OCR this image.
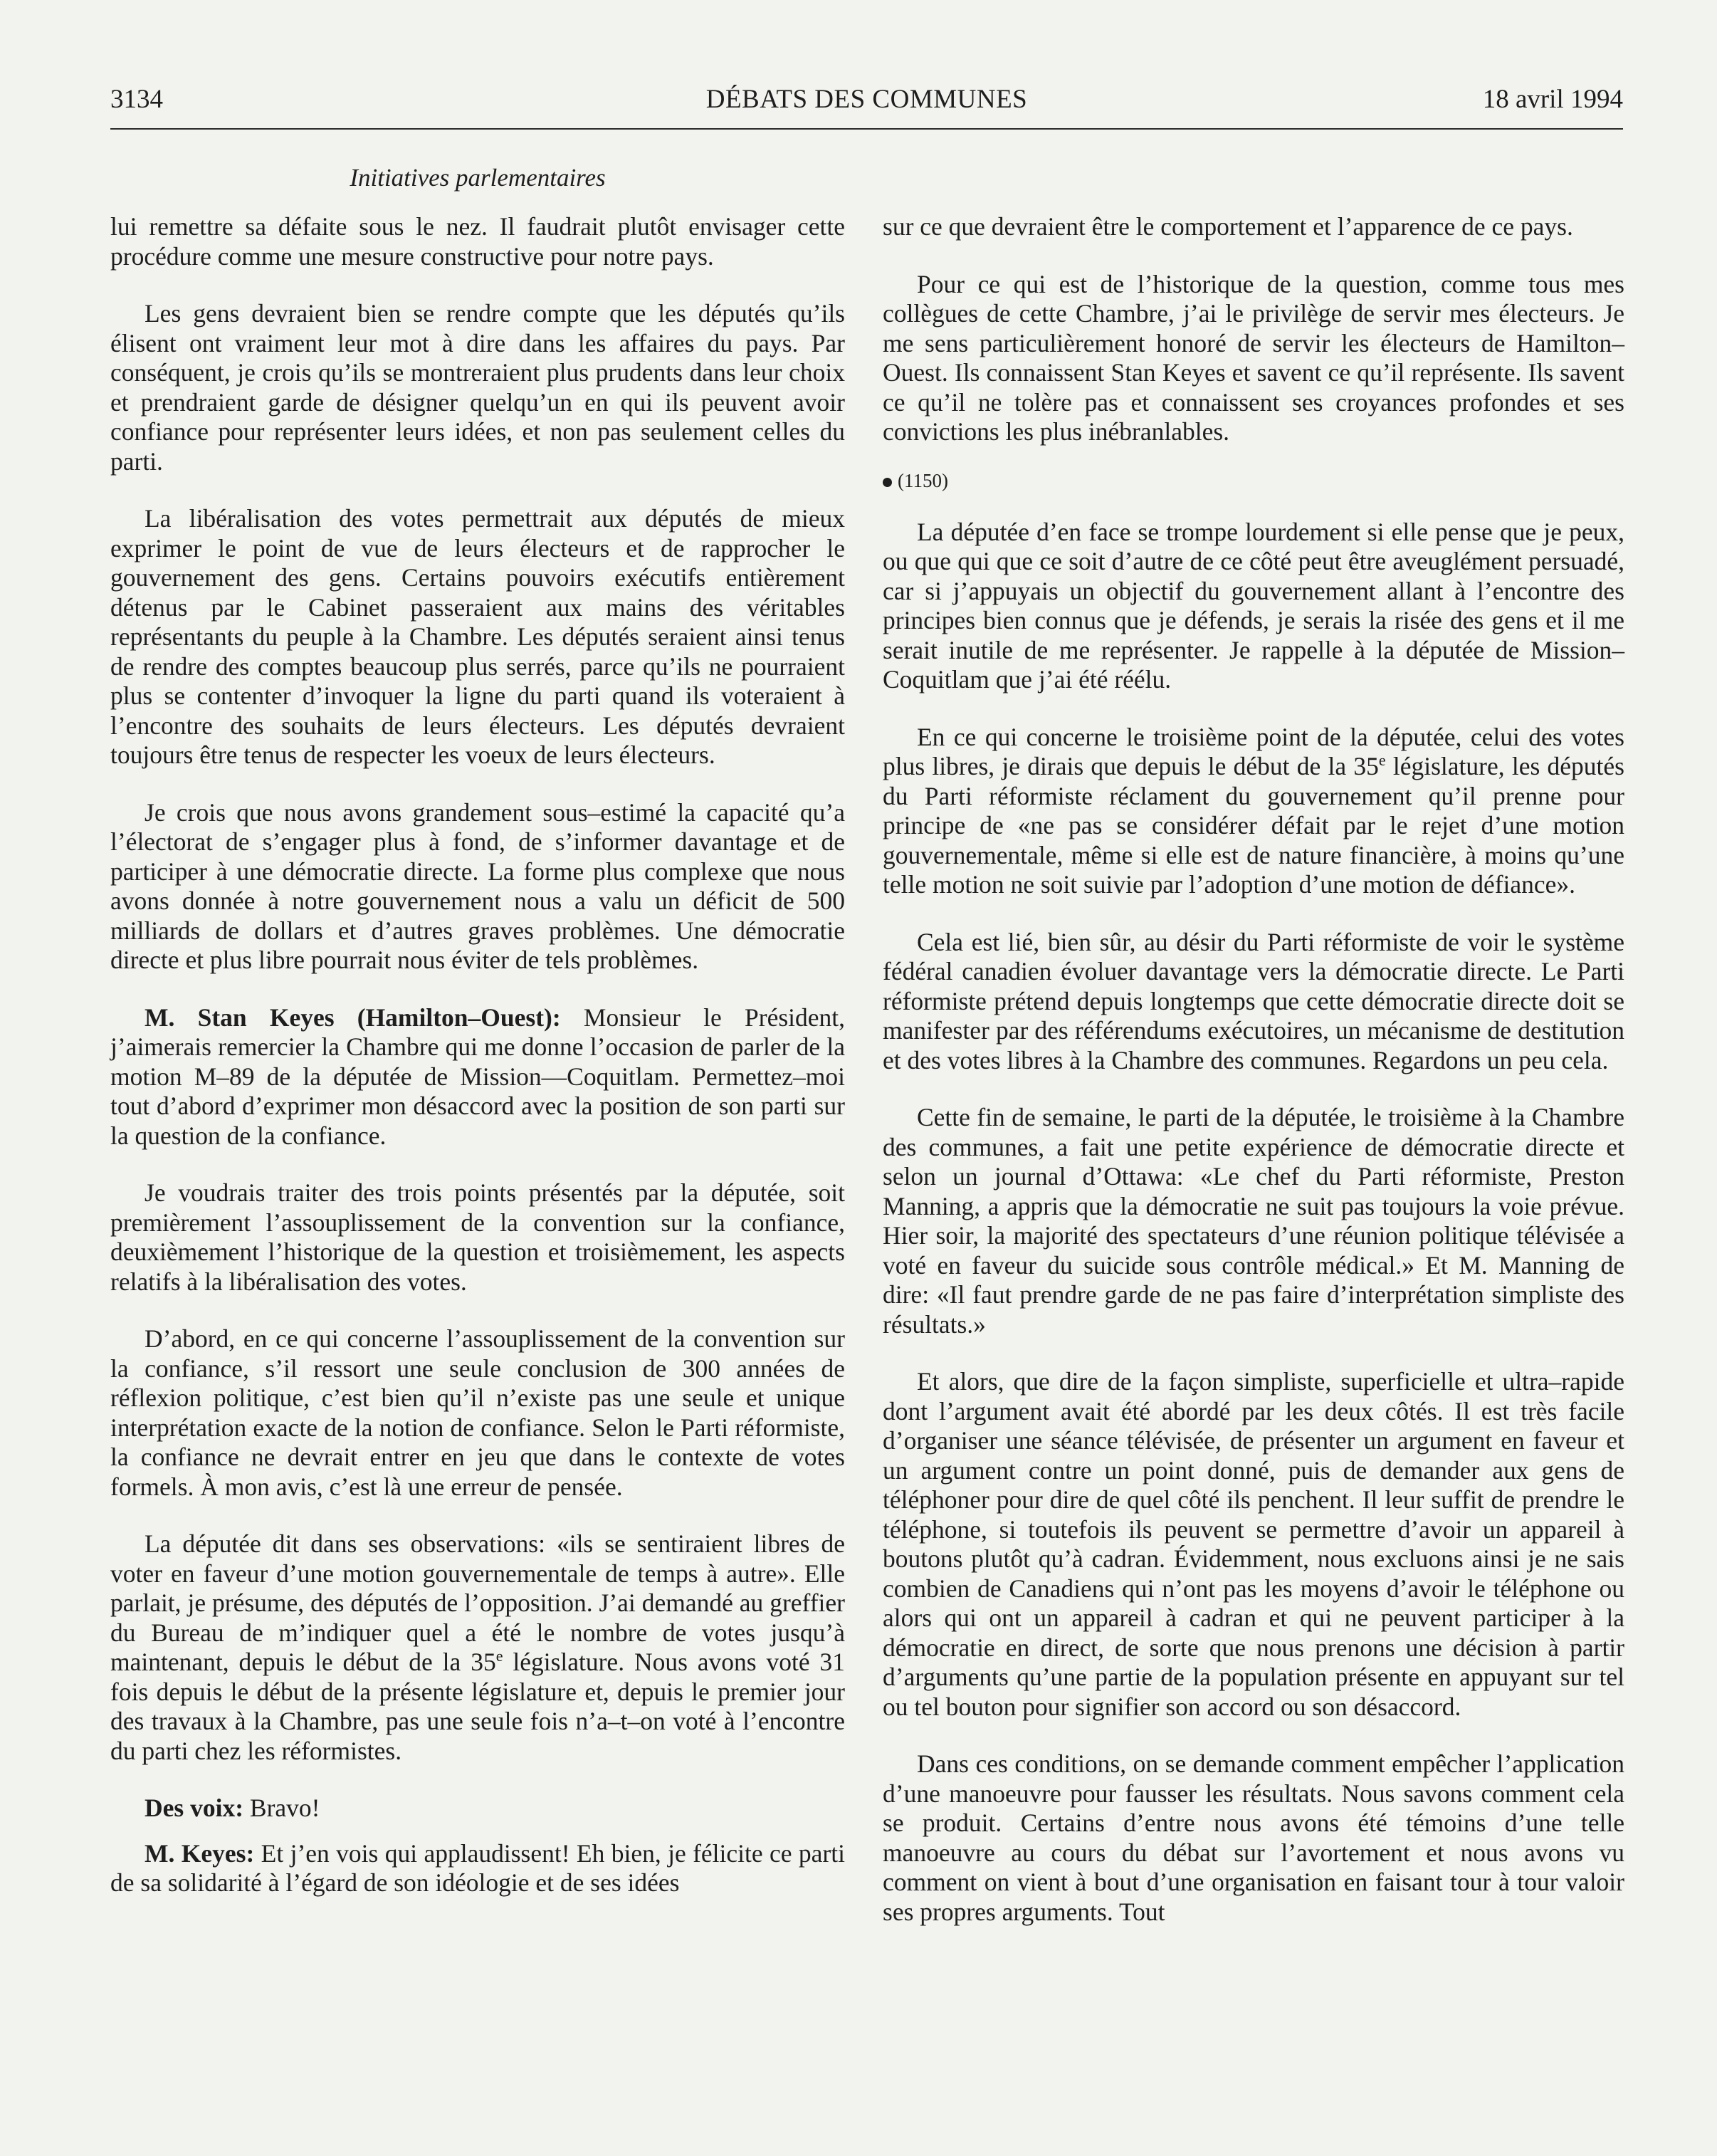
3134	DÉBATS DES COMMUNES	18 avril 1994
Initiatives parlementaires

lui remettre sa défaite sous le nez. Il faudrait plutôt envisager cette procédure comme une mesure constructive pour notre pays.

Les gens devraient bien se rendre compte que les députés qu’ils élisent ont vraiment leur mot à dire dans les affaires du pays. Par conséquent, je crois qu’ils se montreraient plus prudents dans leur choix et prendraient garde de désigner quelqu’un en qui ils peuvent avoir confiance pour représenter leurs idées, et non pas seulement celles du parti.

La libéralisation des votes permettrait aux députés de mieux exprimer le point de vue de leurs électeurs et de rapprocher le gouvernement des gens. Certains pouvoirs exécutifs entièrement détenus par le Cabinet passeraient aux mains des véritables représentants du peuple à la Chambre. Les députés seraient ainsi tenus de rendre des comptes beaucoup plus serrés, parce qu’ils ne pourraient plus se contenter d’invoquer la ligne du parti quand ils voteraient à l’encontre des souhaits de leurs électeurs. Les députés devraient toujours être tenus de respecter les voeux de leurs électeurs.

Je crois que nous avons grandement sous–estimé la capacité qu’a l’électorat de s’engager plus à fond, de s’informer davantage et de participer à une démocratie directe. La forme plus complexe que nous avons donnée à notre gouvernement nous a valu un déficit de 500 milliards de dollars et d’autres graves problèmes. Une démocratie directe et plus libre pourrait nous éviter de tels problèmes.

M. Stan Keyes (Hamilton–Ouest): Monsieur le Président, j’aimerais remercier la Chambre qui me donne l’occasion de parler de la motion M–89 de la députée de Mission—Coquitlam. Permettez–moi tout d’abord d’exprimer mon désaccord avec la position de son parti sur la question de la confiance.

Je voudrais traiter des trois points présentés par la députée, soit premièrement l’assouplissement de la convention sur la confiance, deuxièmement l’historique de la question et troisièmement, les aspects relatifs à la libéralisation des votes.

D’abord, en ce qui concerne l’assouplissement de la convention sur la confiance, s’il ressort une seule conclusion de 300 années de réflexion politique, c’est bien qu’il n’existe pas une seule et unique interprétation exacte de la notion de confiance. Selon le Parti réformiste, la confiance ne devrait entrer en jeu que dans le contexte de votes formels. À mon avis, c’est là une erreur de pensée.

La députée dit dans ses observations: «ils se sentiraient libres de voter en faveur d’une motion gouvernementale de temps à autre». Elle parlait, je présume, des députés de l’opposition. J’ai demandé au greffier du Bureau de m’indiquer quel a été le nombre de votes jusqu’à maintenant, depuis le début de la 35e législature. Nous avons voté 31 fois depuis le début de la présente législature et, depuis le premier jour des travaux à la Chambre, pas une seule fois n’a–t–on voté à l’encontre du parti chez les réformistes.

Des voix: Bravo!

M. Keyes: Et j’en vois qui applaudissent! Eh bien, je félicite ce parti de sa solidarité à l’égard de son idéologie et de ses idées

sur ce que devraient être le comportement et l’apparence de ce pays.

Pour ce qui est de l’historique de la question, comme tous mes collègues de cette Chambre, j’ai le privilège de servir mes électeurs. Je me sens particulièrement honoré de servir les électeurs de Hamilton–Ouest. Ils connaissent Stan Keyes et savent ce qu’il représente. Ils savent ce qu’il ne tolère pas et connaissent ses croyances profondes et ses convictions les plus inébranlables.

(1150)

La députée d’en face se trompe lourdement si elle pense que je peux, ou que qui que ce soit d’autre de ce côté peut être aveuglément persuadé, car si j’appuyais un objectif du gouvernement allant à l’encontre des principes bien connus que je défends, je serais la risée des gens et il me serait inutile de me représenter. Je rappelle à la députée de Mission–Coquitlam que j’ai été réélu.

En ce qui concerne le troisième point de la députée, celui des votes plus libres, je dirais que depuis le début de la 35e législature, les députés du Parti réformiste réclament du gouvernement qu’il prenne pour principe de «ne pas se considérer défait par le rejet d’une motion gouvernementale, même si elle est de nature financière, à moins qu’une telle motion ne soit suivie par l’adoption d’une motion de défiance».

Cela est lié, bien sûr, au désir du Parti réformiste de voir le système fédéral canadien évoluer davantage vers la démocratie directe. Le Parti réformiste prétend depuis longtemps que cette démocratie directe doit se manifester par des référendums exécutoires, un mécanisme de destitution et des votes libres à la Chambre des communes. Regardons un peu cela.

Cette fin de semaine, le parti de la députée, le troisième à la Chambre des communes, a fait une petite expérience de démocratie directe et selon un journal d’Ottawa: «Le chef du Parti réformiste, Preston Manning, a appris que la démocratie ne suit pas toujours la voie prévue. Hier soir, la majorité des spectateurs d’une réunion politique télévisée a voté en faveur du suicide sous contrôle médical.» Et M. Manning de dire: «Il faut prendre garde de ne pas faire d’interprétation simpliste des résultats.»

Et alors, que dire de la façon simpliste, superficielle et ultra–rapide dont l’argument avait été abordé par les deux côtés. Il est très facile d’organiser une séance télévisée, de présenter un argument en faveur et un argument contre un point donné, puis de demander aux gens de téléphoner pour dire de quel côté ils penchent. Il leur suffit de prendre le téléphone, si toutefois ils peuvent se permettre d’avoir un appareil à boutons plutôt qu’à cadran. Évidemment, nous excluons ainsi je ne sais combien de Canadiens qui n’ont pas les moyens d’avoir le téléphone ou alors qui ont un appareil à cadran et qui ne peuvent participer à la démocratie en direct, de sorte que nous prenons une décision à partir d’arguments qu’une partie de la population présente en appuyant sur tel ou tel bouton pour signifier son accord ou son désaccord.

Dans ces conditions, on se demande comment empêcher l’application d’une manoeuvre pour fausser les résultats. Nous savons comment cela se produit. Certains d’entre nous avons été témoins d’une telle manoeuvre au cours du débat sur l’avortement et nous avons vu comment on vient à bout d’une organisation en faisant tour à tour valoir ses propres arguments. Tout
